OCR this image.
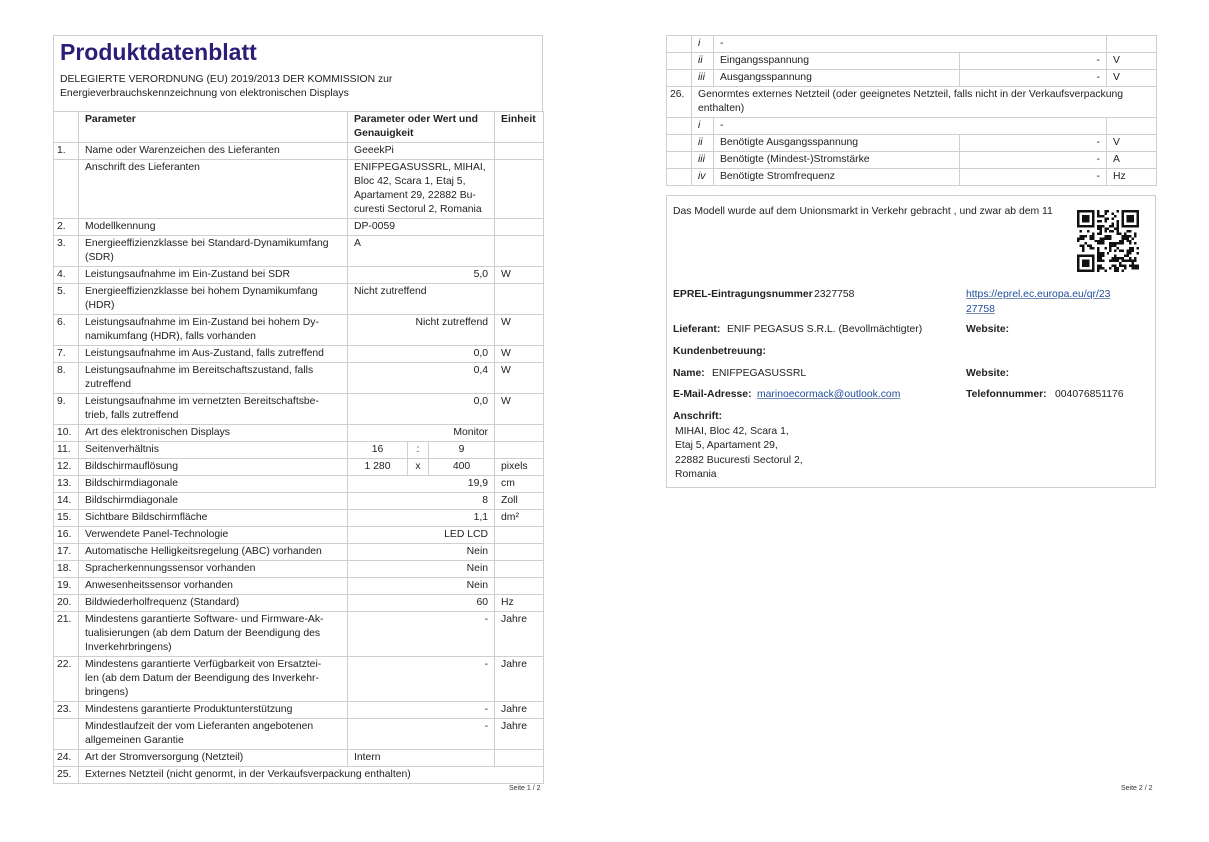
Produktdatenblatt
DELEGIERTE VERORDNUNG (EU) 2019/2013 DER KOMMISSION zur
Energieverbrauchskennzeichnung von elektronischen Displays
	Parameter	Parameter oder Wert und
Genauigkeit			Einheit
1.	Name oder Warenzeichen des Lieferanten	GeeekPi			
	Anschrift des Lieferanten	ENIFPEGASUSSRL, MIHAI,
Bloc 42, Scara 1, Etaj 5,
Apartament 29, 22882 Bu-
curesti Sectorul 2, Romania			

2.	Modellkennung	DP-0059			
3.	Energieeffizienzklasse bei Standard-Dynamikumfang
(SDR)	A			
4.	Leistungsaufnahme im Ein-Zustand bei SDR	5,0			W
5.	Energieeffizienzklasse bei hohem Dynamikumfang
(HDR)	Nicht zutreffend			
6.	Leistungsaufnahme im Ein-Zustand bei hohem Dy-
namikumfang (HDR), falls vorhanden	Nicht zutreffend			W
7.	Leistungsaufnahme im Aus-Zustand, falls zutreffend	0,0			W
8.	Leistungsaufnahme im Bereitschaftszustand, falls
zutreffend	0,4			W
9.	Leistungsaufnahme im vernetzten Bereitschaftsbe-
trieb, falls zutreffend	0,0			W
10.	Art des elektronischen Displays	Monitor			
11.	Seitenverhältnis	16	:	9	
12.	Bildschirmauflösung	1 280	x	400	pixels
13.	Bildschirmdiagonale	19,9			cm
14.	Bildschirmdiagonale	8			Zoll
15.	Sichtbare Bildschirmfläche	1,1			dm²
16.	Verwendete Panel-Technologie	LED LCD			
17.	Automatische Helligkeitsregelung (ABC) vorhanden	Nein			
18.	Spracherkennungssensor vorhanden	Nein			
19.	Anwesenheitssensor vorhanden	Nein			
20.	Bildwiederholfrequenz (Standard)	60			Hz
21.	Mindestens garantierte Software- und Firmware-Ak-
tualisierungen (ab dem Datum der Beendigung des
Inverkehrbringens)	-			Jahre
22.	Mindestens garantierte Verfügbarkeit von Ersatztei-
len (ab dem Datum der Beendigung des Inverkehr-
bringens)	-			Jahre
23.	Mindestens garantierte Produktunterstützung	-			Jahre

	Mindestlaufzeit der vom Lieferanten angebotenen
allgemeinen Garantie	-			Jahre
24.	Art der Stromversorgung (Netzteil)	Intern			
25.	Externes Netzteil (nicht genormt, in der Verkaufsverpackung enthalten)				
Seite 1 / 2
	i	-		
	ii	Eingangsspannung	-	V
	iii	Ausgangsspannung	-	V
26.	Genormtes externes Netzteil (oder geeignetes Netzteil, falls nicht in der Verkaufsverpackung
enthalten)			

	i	-		
	ii	Benötigte Ausgangsspannung	-	V
	iii	Benötigte (Mindest-)Stromstärke	-	A
	iv	Benötigte Stromfrequenz	-	Hz
Das Modell wurde auf dem Unionsmarkt in Verkehr gebracht , und zwar ab dem 11
EPREL-Eintragungsnummer 2327758	https://eprel.ec.europa.eu/qr/23
27758
Lieferant: ENIF PEGASUS S.R.L. (Bevollmächtigter)	Website:
Kundenbetreuung:
Name: ENIFPEGASUSSRL	Website:
E-Mail-Adresse: marinoecormack@outlook.com	Telefonnummer: 004076851176
Anschrift:
MIHAI, Bloc 42, Scara 1,
Etaj 5, Apartament 29,
22882 Bucuresti Sectorul 2,
Romania
Seite 2 / 2
